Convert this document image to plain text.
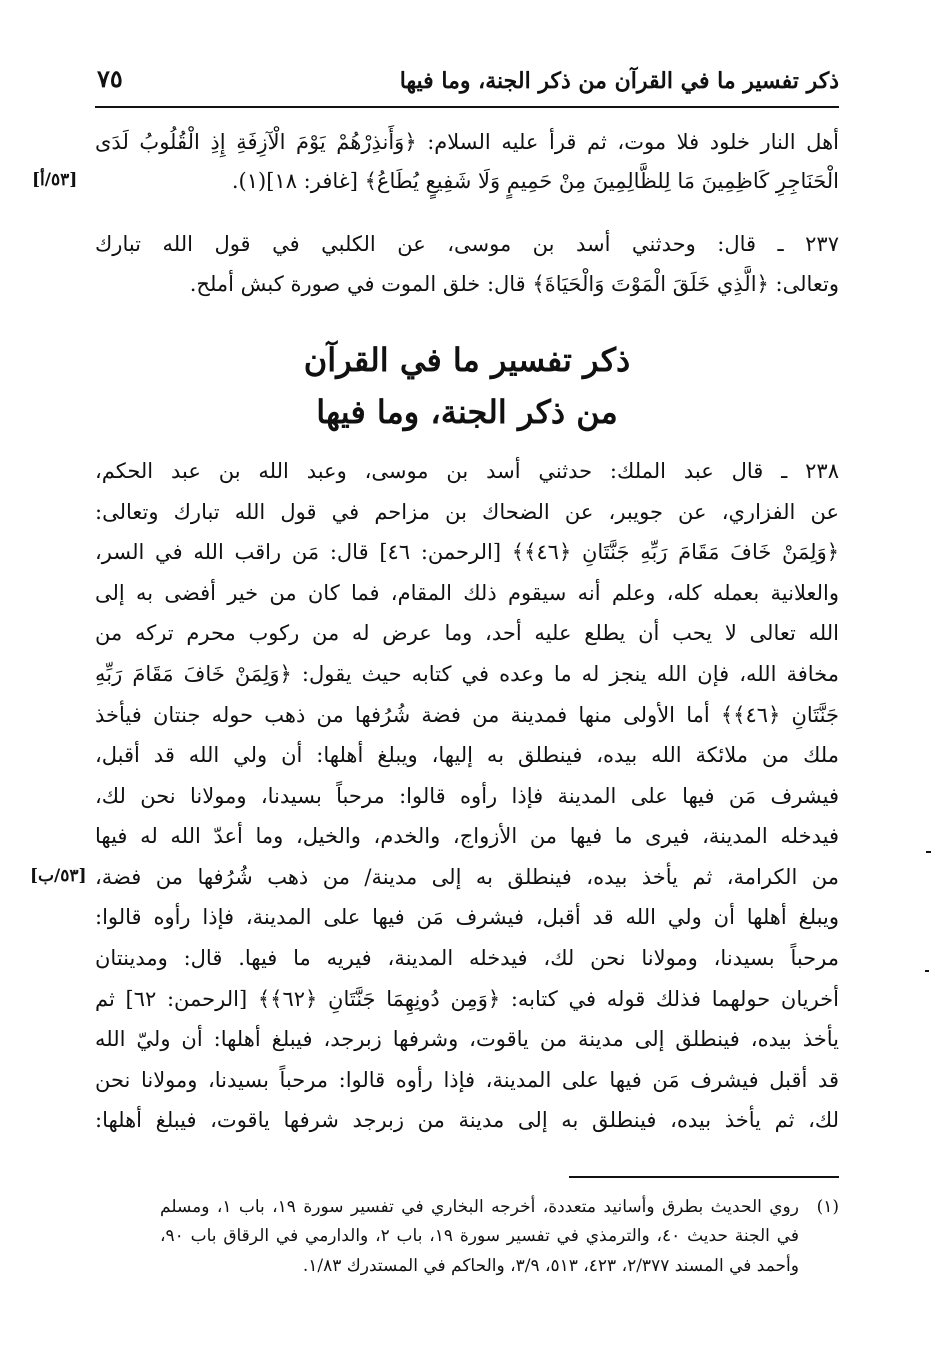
ذكر تفسير ما في القرآن من ذكر الجنة، وما فيها
٧٥
أهل النار خلود فلا موت، ثم قرأ عليه السلام: ﴿وَأَنذِرْهُمْ يَوْمَ الْآزِفَةِ إِذِ الْقُلُوبُ لَدَى
الْحَنَاجِرِ كَاظِمِينَ مَا لِلظَّالِمِينَ مِنْ حَمِيمٍ وَلَا شَفِيعٍ يُطَاعُ﴾ [غافر: ١٨](١).
[٥٣/أ]
٢٣٧ ـ قال: وحدثني أسد بن موسى، عن الكلبي في قول الله تبارك
وتعالى: ﴿الَّذِي خَلَقَ الْمَوْتَ وَالْحَيَاةَ﴾ قال: خلق الموت في صورة كبش أملح.
ذكر تفسير ما في القرآن
من ذكر الجنة، وما فيها
٢٣٨ ـ قال عبد الملك: حدثني أسد بن موسى، وعبد الله بن عبد الحكم،
عن الفزاري، عن جويبر، عن الضحاك بن مزاحم في قول الله تبارك وتعالى:
﴿وَلِمَنْ خَافَ مَقَامَ رَبِّهِ جَنَّتَانِ ﴿٤٦﴾﴾ [الرحمن: ٤٦] قال: مَن راقب الله في السر،
والعلانية بعمله كله، وعلم أنه سيقوم ذلك المقام، فما كان من خير أفضى به إلى
الله تعالى لا يحب أن يطلع عليه أحد، وما عرض له من ركوب محرم تركه من
مخافة الله، فإن الله ينجز له ما وعده في كتابه حيث يقول: ﴿وَلِمَنْ خَافَ مَقَامَ رَبِّهِ
جَنَّتَانِ ﴿٤٦﴾﴾ أما الأولى منها فمدينة من فضة شُرُفها من ذهب حوله جنتان فيأخذ
ملك من ملائكة الله بيده، فينطلق به إليها، ويبلغ أهلها: أن ولي الله قد أقبل،
فيشرف مَن فيها على المدينة فإذا رأوه قالوا: مرحباً بسيدنا، ومولانا نحن لك،
فيدخله المدينة، فيرى ما فيها من الأزواج، والخدم، والخيل، وما أعدّ الله له فيها
من الكرامة، ثم يأخذ بيده، فينطلق به إلى مدينة/ من ذهب شُرُفها من فضة،
[٥٣/ب]
ويبلغ أهلها أن ولي الله قد أقبل، فيشرف مَن فيها على المدينة، فإذا رأوه قالوا:
مرحباً بسيدنا، ومولانا نحن لك، فيدخله المدينة، فيريه ما فيها. قال: ومدينتان
أخريان حولهما فذلك قوله في كتابه: ﴿وَمِن دُونِهِمَا جَنَّتَانِ ﴿٦٢﴾﴾ [الرحمن: ٦٢] ثم
يأخذ بيده، فينطلق إلى مدينة من ياقوت، وشرفها زبرجد، فيبلغ أهلها: أن وليّ الله
قد أقبل فيشرف مَن فيها على المدينة، فإذا رأوه قالوا: مرحباً بسيدنا، ومولانا نحن
لك، ثم يأخذ بيده، فينطلق به إلى مدينة من زبرجد شرفها ياقوت، فيبلغ أهلها:
(١)
روي الحديث بطرق وأسانيد متعددة، أخرجه البخاري في تفسير سورة ١٩، باب ١، ومسلم
في الجنة حديث ٤٠، والترمذي في تفسير سورة ١٩، باب ٢، والدارمي في الرقاق باب ٩٠،
وأحمد في المسند ٢/٣٧٧، ٤٢٣، ٥١٣، ٣/٩، والحاكم في المستدرك ١/٨٣.
